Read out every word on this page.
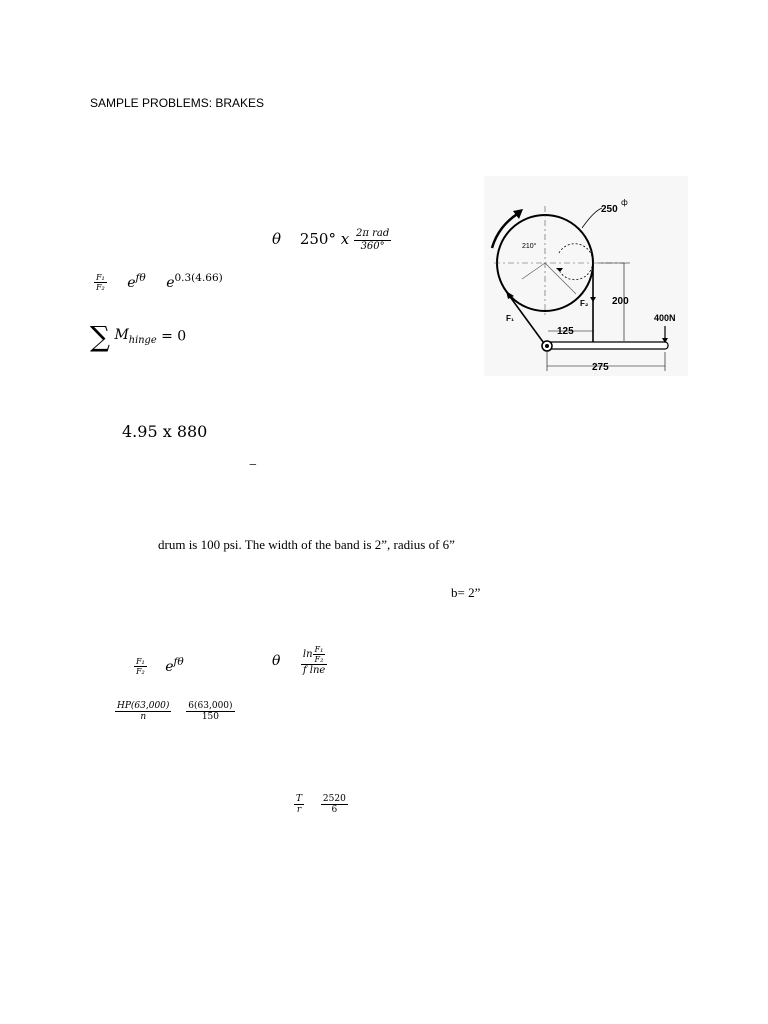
SAMPLE PROBLEMS: BRAKES
θ 250° x $\frac{\text{2π rad}}{360^\circ}$
$\frac{\text{F₁}}{\text{F₂}} e^{f\theta}$ $e^{0.3(4.66)}$
∑ $M_{hinge} = 0$
4.95 x 880
−
drum is 100 psi. The width of the band is 2”, radius of 6”
b= 2”
$\frac{\text{F₁}}{\text{F₂}} e^{f\theta}$	θ $\frac{\ln \frac{\text{F₁}}{\text{F₂}}}{\text{f lne}}$
$\frac{HP(63,000)}{n}$
$\frac{6(63,000)}{150}$
$\frac{T}{r}$
$\frac{2520}{6}$
210°
250
ф
F₁
F₂ 200
125
400N
275
